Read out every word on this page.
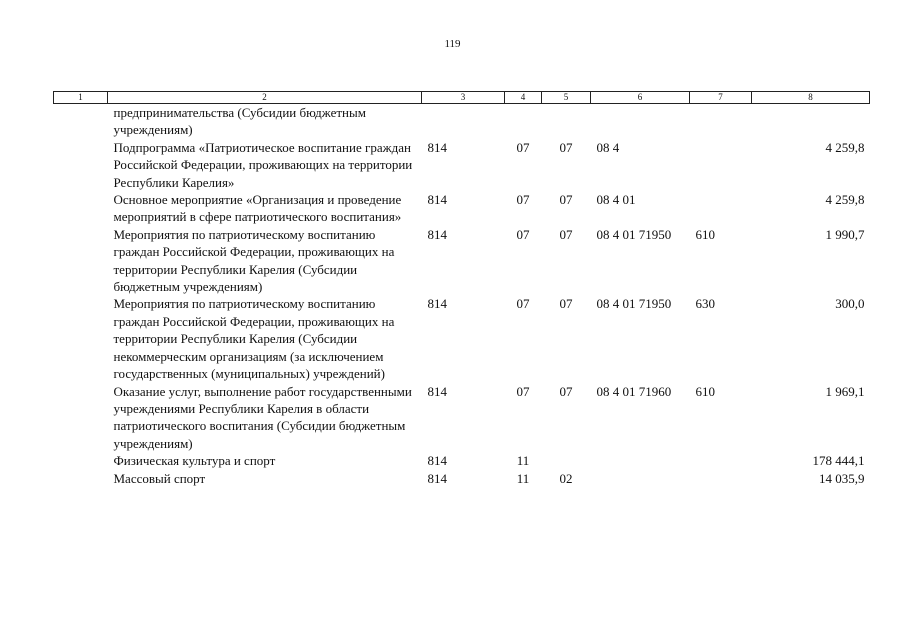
119
1	2	3	4	5	6	7	8
	предпринимательства (Субсидии бюджетным учреждениям)						
	Подпрограмма «Патриотическое воспитание граждан Российской Федерации, проживающих на территории Республики Карелия»	814	07	07	08 4		4 259,8
	Основное мероприятие «Организация и проведение мероприятий в сфере патриотического воспитания»	814	07	07	08 4 01		4 259,8
	Мероприятия по патриотическому воспитанию граждан Российской Федерации, проживающих на территории Республики Карелия (Субсидии бюджетным учреждениям)	814	07	07	08 4 01 71950	610	1 990,7
	Мероприятия по патриотическому воспитанию граждан Российской Федерации, проживающих на территории Республики Карелия (Субсидии некоммерческим организациям (за исключением государственных (муниципальных) учреждений)	814	07	07	08 4 01 71950	630	300,0
	Оказание услуг, выполнение работ государственными учреждениями Республики Карелия в области патриотического воспитания (Субсидии бюджетным учреждениям)	814	07	07	08 4 01 71960	610	1 969,1
	Физическая культура и спорт	814	11				178 444,1
	Массовый спорт	814	11	02			14 035,9
